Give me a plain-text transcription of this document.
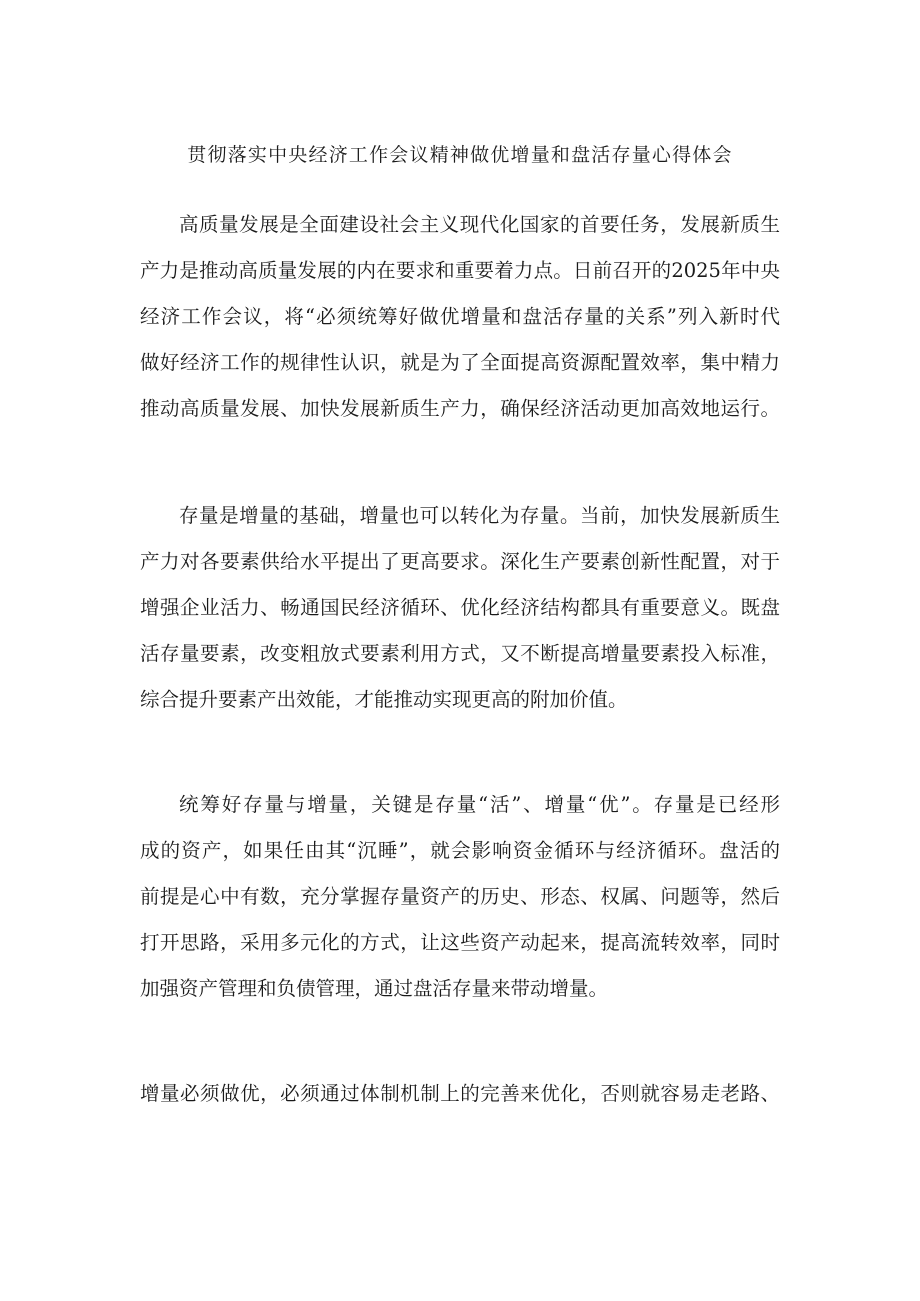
贯彻落实中央经济工作会议精神做优增量和盘活存量心得体会
高质量发展是全面建设社会主义现代化国家的首要任务，发展新质生
产力是推动高质量发展的内在要求和重要着力点。日前召开的2025年中央
经济工作会议，将“必须统筹好做优增量和盘活存量的关系”列入新时代
做好经济工作的规律性认识，就是为了全面提高资源配置效率，集中精力
推动高质量发展、加快发展新质生产力，确保经济活动更加高效地运行。
存量是增量的基础，增量也可以转化为存量。当前，加快发展新质生
产力对各要素供给水平提出了更高要求。深化生产要素创新性配置，对于
增强企业活力、畅通国民经济循环、优化经济结构都具有重要意义。既盘
活存量要素，改变粗放式要素利用方式，又不断提高增量要素投入标准，
综合提升要素产出效能，才能推动实现更高的附加价值。
统筹好存量与增量，关键是存量“活”、增量“优”。存量是已经形
成的资产，如果任由其“沉睡”，就会影响资金循环与经济循环。盘活的
前提是心中有数，充分掌握存量资产的历史、形态、权属、问题等，然后
打开思路，采用多元化的方式，让这些资产动起来，提高流转效率，同时
加强资产管理和负债管理，通过盘活存量来带动增量。
增量必须做优，必须通过体制机制上的完善来优化，否则就容易走老路、
